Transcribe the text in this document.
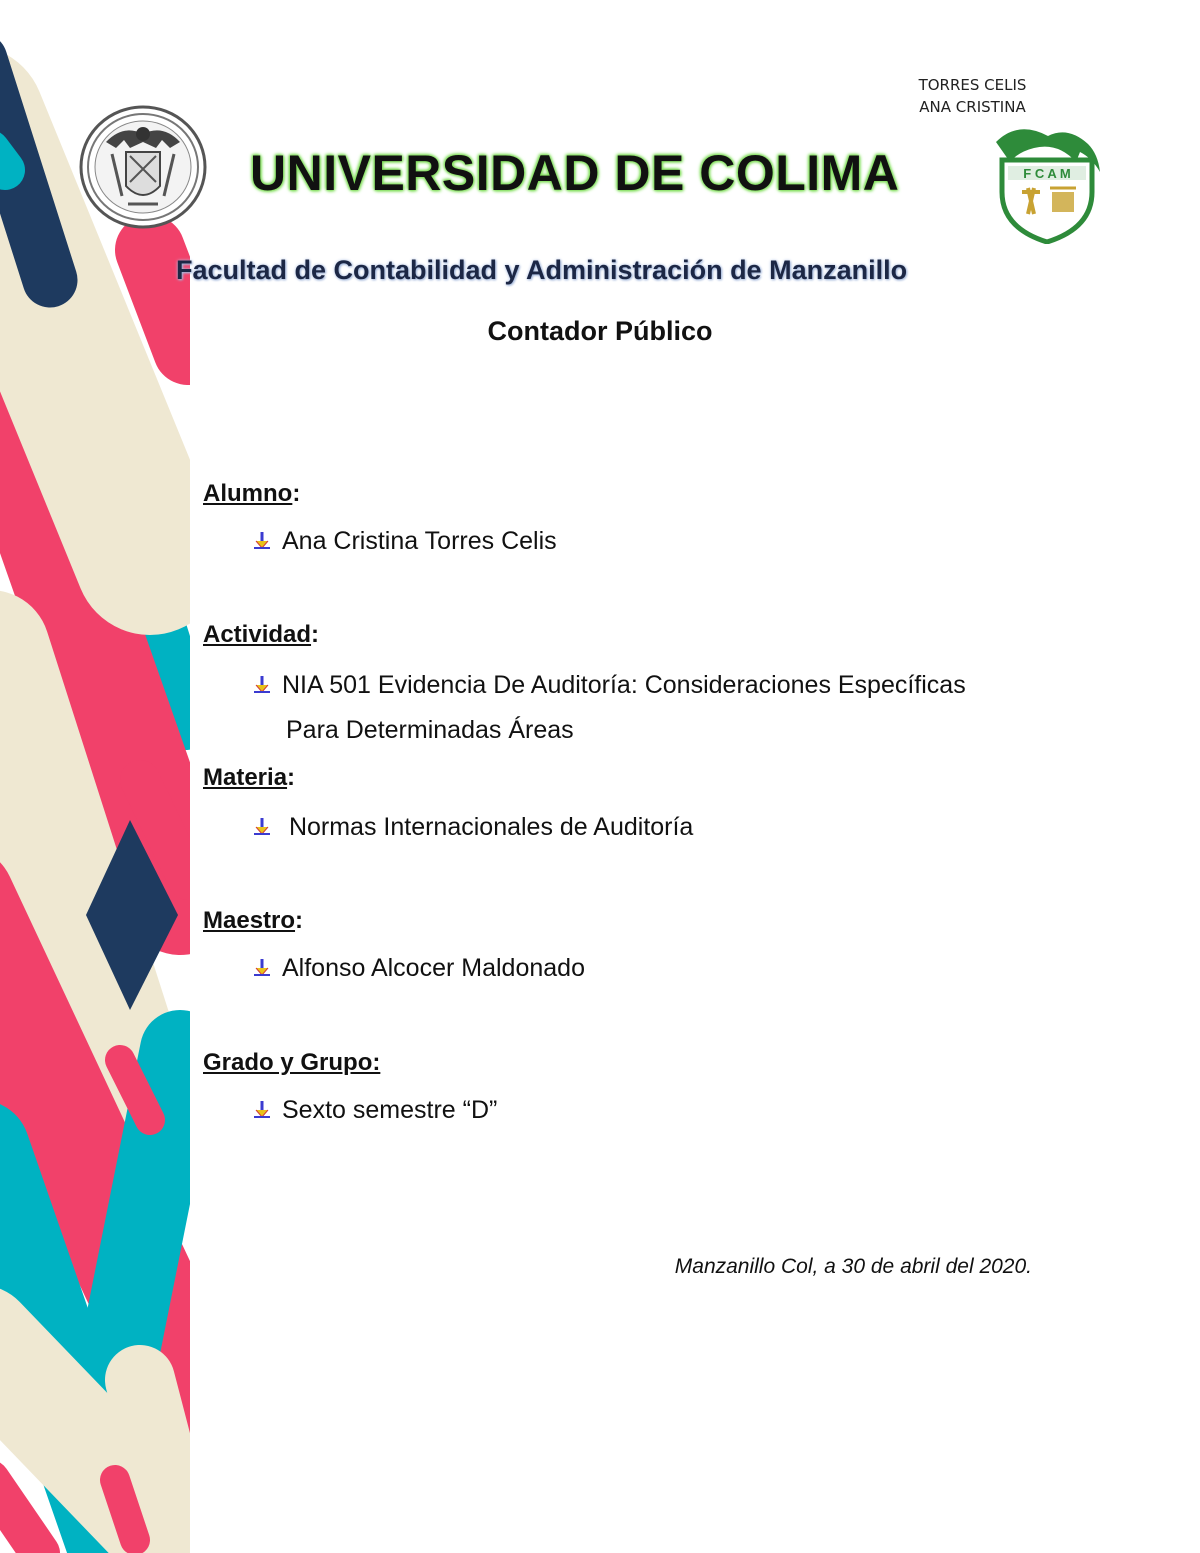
TORRES CELIS
ANA CRISTINA
F C A M
UNIVERSIDAD DE COLIMA
Facultad de Contabilidad y Administración de Manzanillo
Contador Público
Alumno:
Ana Cristina Torres Celis
Actividad:
NIA 501 Evidencia De Auditoría: Consideraciones Específicas
Para Determinadas Áreas
Materia:
Normas Internacionales de Auditoría
Maestro:
Alfonso Alcocer Maldonado
Grado y Grupo:
Sexto semestre “D”
Manzanillo Col, a 30 de abril del 2020.
